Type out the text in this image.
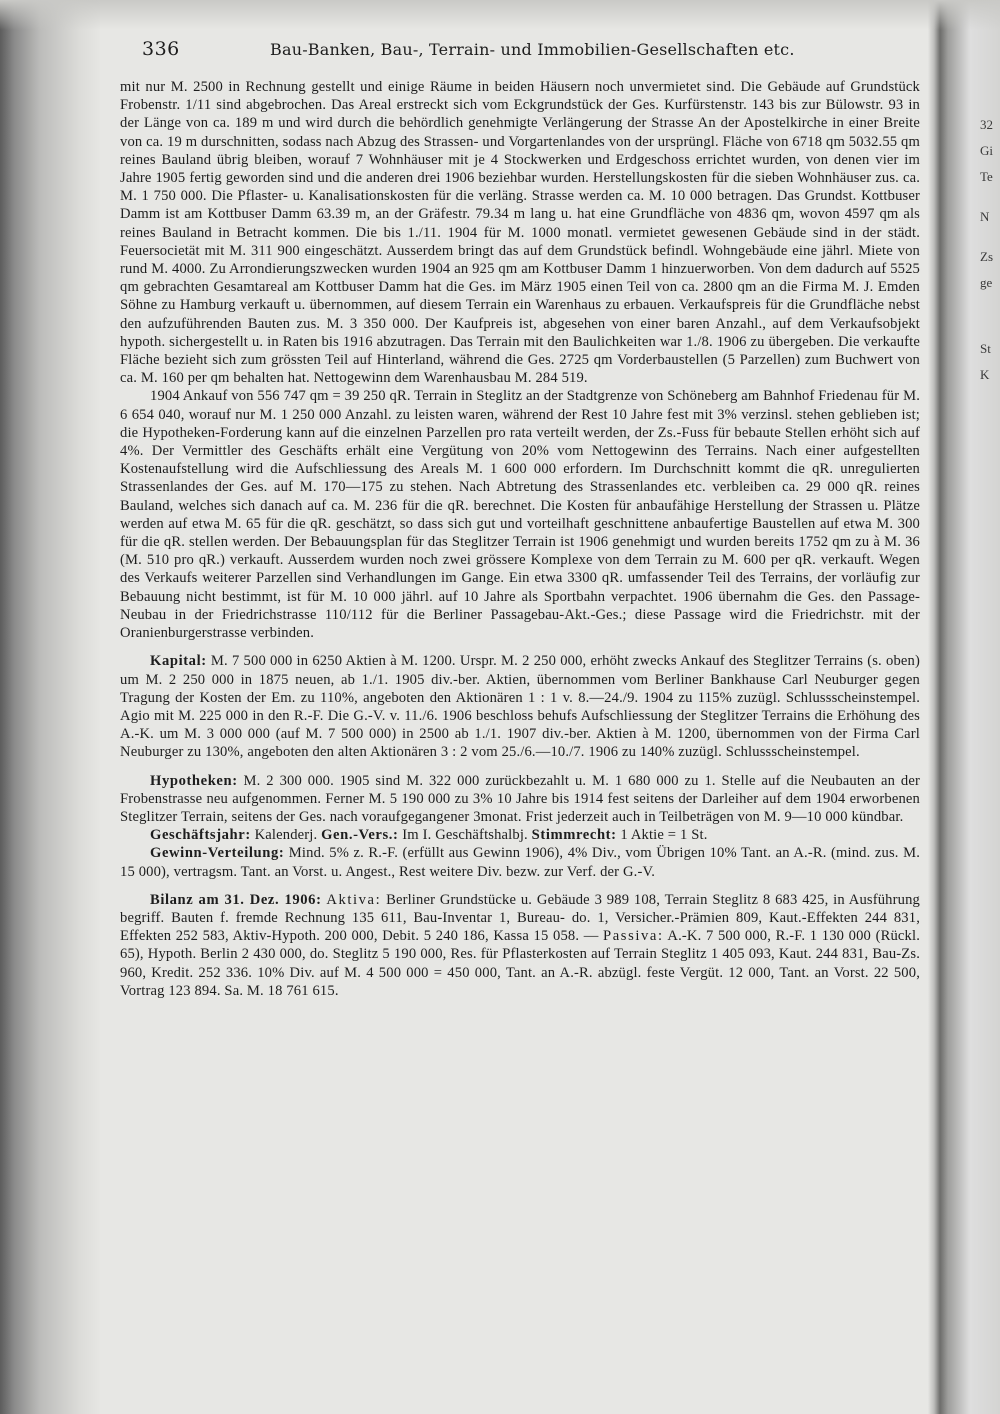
32
Gi
Te
N
Zs
ge
St
K
336	Bau-Banken, Bau-, Terrain- und Immobilien-Gesellschaften etc.

mit nur M. 2500 in Rechnung gestellt und einige Räume in beiden Häusern noch unvermietet sind. Die Gebäude auf Grundstück Frobenstr. 1/11 sind abgebrochen. Das Areal erstreckt sich vom Eckgrundstück der Ges. Kurfürstenstr. 143 bis zur Bülowstr. 93 in der Länge von ca. 189 m und wird durch die behördlich genehmigte Verlängerung der Strasse An der Apostelkirche in einer Breite von ca. 19 m durschnitten, sodass nach Abzug des Strassen- und Vorgartenlandes von der ursprüngl. Fläche von 6718 qm 5032.55 qm reines Bauland übrig bleiben, worauf 7 Wohnhäuser mit je 4 Stockwerken und Erdgeschoss errichtet wurden, von denen vier im Jahre 1905 fertig geworden sind und die anderen drei 1906 beziehbar wurden. Herstellungskosten für die sieben Wohnhäuser zus. ca. M. 1 750 000. Die Pflaster- u. Kanalisationskosten für die verläng. Strasse werden ca. M. 10 000 betragen. Das Grundst. Kottbuser Damm ist am Kottbuser Damm 63.39 m, an der Gräfestr. 79.34 m lang u. hat eine Grundfläche von 4836 qm, wovon 4597 qm als reines Bauland in Betracht kommen. Die bis 1./11. 1904 für M. 1000 monatl. vermietet gewesenen Gebäude sind in der städt. Feuersocietät mit M. 311 900 eingeschätzt. Ausserdem bringt das auf dem Grundstück befindl. Wohngebäude eine jährl. Miete von rund M. 4000. Zu Arrondierungszwecken wurden 1904 an 925 qm am Kottbuser Damm 1 hinzuerworben. Von dem dadurch auf 5525 qm gebrachten Gesamtareal am Kottbuser Damm hat die Ges. im März 1905 einen Teil von ca. 2800 qm an die Firma M. J. Emden Söhne zu Hamburg verkauft u. übernommen, auf diesem Terrain ein Warenhaus zu erbauen. Verkaufspreis für die Grundfläche nebst den aufzuführenden Bauten zus. M. 3 350 000. Der Kaufpreis ist, abgesehen von einer baren Anzahl., auf dem Verkaufsobjekt hypoth. sichergestellt u. in Raten bis 1916 abzutragen. Das Terrain mit den Baulichkeiten war 1./8. 1906 zu übergeben. Die verkaufte Fläche bezieht sich zum grössten Teil auf Hinterland, während die Ges. 2725 qm Vorderbaustellen (5 Parzellen) zum Buchwert von ca. M. 160 per qm behalten hat. Nettogewinn dem Warenhausbau M. 284 519.

1904 Ankauf von 556 747 qm = 39 250 qR. Terrain in Steglitz an der Stadtgrenze von Schöneberg am Bahnhof Friedenau für M. 6 654 040, worauf nur M. 1 250 000 Anzahl. zu leisten waren, während der Rest 10 Jahre fest mit 3% verzinsl. stehen geblieben ist; die Hypotheken-Forderung kann auf die einzelnen Parzellen pro rata verteilt werden, der Zs.-Fuss für bebaute Stellen erhöht sich auf 4%. Der Vermittler des Geschäfts erhält eine Vergütung von 20% vom Nettogewinn des Terrains. Nach einer aufgestellten Kostenaufstellung wird die Aufschliessung des Areals M. 1 600 000 erfordern. Im Durchschnitt kommt die qR. unregulierten Strassenlandes der Ges. auf M. 170—175 zu stehen. Nach Abtretung des Strassenlandes etc. verbleiben ca. 29 000 qR. reines Bauland, welches sich danach auf ca. M. 236 für die qR. berechnet. Die Kosten für anbaufähige Herstellung der Strassen u. Plätze werden auf etwa M. 65 für die qR. geschätzt, so dass sich gut und vorteilhaft geschnittene anbaufertige Baustellen auf etwa M. 300 für die qR. stellen werden. Der Bebauungsplan für das Steglitzer Terrain ist 1906 genehmigt und wurden bereits 1752 qm zu à M. 36 (M. 510 pro qR.) verkauft. Ausserdem wurden noch zwei grössere Komplexe von dem Terrain zu M. 600 per qR. verkauft. Wegen des Verkaufs weiterer Parzellen sind Verhandlungen im Gange. Ein etwa 3300 qR. umfassender Teil des Terrains, der vorläufig zur Bebauung nicht bestimmt, ist für M. 10 000 jährl. auf 10 Jahre als Sportbahn verpachtet. 1906 übernahm die Ges. den Passage-Neubau in der Friedrichstrasse 110/112 für die Berliner Passagebau-Akt.-Ges.; diese Passage wird die Friedrichstr. mit der Oranienburgerstrasse verbinden.

Kapital: M. 7 500 000 in 6250 Aktien à M. 1200. Urspr. M. 2 250 000, erhöht zwecks Ankauf des Steglitzer Terrains (s. oben) um M. 2 250 000 in 1875 neuen, ab 1./1. 1905 div.-ber. Aktien, übernommen vom Berliner Bankhause Carl Neuburger gegen Tragung der Kosten der Em. zu 110%, angeboten den Aktionären 1 : 1 v. 8.—24./9. 1904 zu 115% zuzügl. Schlussscheinstempel. Agio mit M. 225 000 in den R.-F. Die G.-V. v. 11./6. 1906 beschloss behufs Aufschliessung der Steglitzer Terrains die Erhöhung des A.-K. um M. 3 000 000 (auf M. 7 500 000) in 2500 ab 1./1. 1907 div.-ber. Aktien à M. 1200, übernommen von der Firma Carl Neuburger zu 130%, angeboten den alten Aktionären 3 : 2 vom 25./6.—10./7. 1906 zu 140% zuzügl. Schlussscheinstempel.

Hypotheken: M. 2 300 000. 1905 sind M. 322 000 zurückbezahlt u. M. 1 680 000 zu 1. Stelle auf die Neubauten an der Frobenstrasse neu aufgenommen. Ferner M. 5 190 000 zu 3% 10 Jahre bis 1914 fest seitens der Darleiher auf dem 1904 erworbenen Steglitzer Terrain, seitens der Ges. nach voraufgegangener 3monat. Frist jederzeit auch in Teilbeträgen von M. 9—10 000 kündbar.

Geschäftsjahr: Kalenderj. Gen.-Vers.: Im I. Geschäftshalbj. Stimmrecht: 1 Aktie = 1 St.

Gewinn-Verteilung: Mind. 5% z. R.-F. (erfüllt aus Gewinn 1906), 4% Div., vom Übrigen 10% Tant. an A.-R. (mind. zus. M. 15 000), vertragsm. Tant. an Vorst. u. Angest., Rest weitere Div. bezw. zur Verf. der G.-V.

Bilanz am 31. Dez. 1906: Aktiva: Berliner Grundstücke u. Gebäude 3 989 108, Terrain Steglitz 8 683 425, in Ausführung begriff. Bauten f. fremde Rechnung 135 611, Bau-Inventar 1, Bureau- do. 1, Versicher.-Prämien 809, Kaut.-Effekten 244 831, Effekten 252 583, Aktiv-Hypoth. 200 000, Debit. 5 240 186, Kassa 15 058. — Passiva: A.-K. 7 500 000, R.-F. 1 130 000 (Rückl. 65), Hypoth. Berlin 2 430 000, do. Steglitz 5 190 000, Res. für Pflasterkosten auf Terrain Steglitz 1 405 093, Kaut. 244 831, Bau-Zs. 960, Kredit. 252 336. 10% Div. auf M. 4 500 000 = 450 000, Tant. an A.-R. abzügl. feste Vergüt. 12 000, Tant. an Vorst. 22 500, Vortrag 123 894. Sa. M. 18 761 615.
